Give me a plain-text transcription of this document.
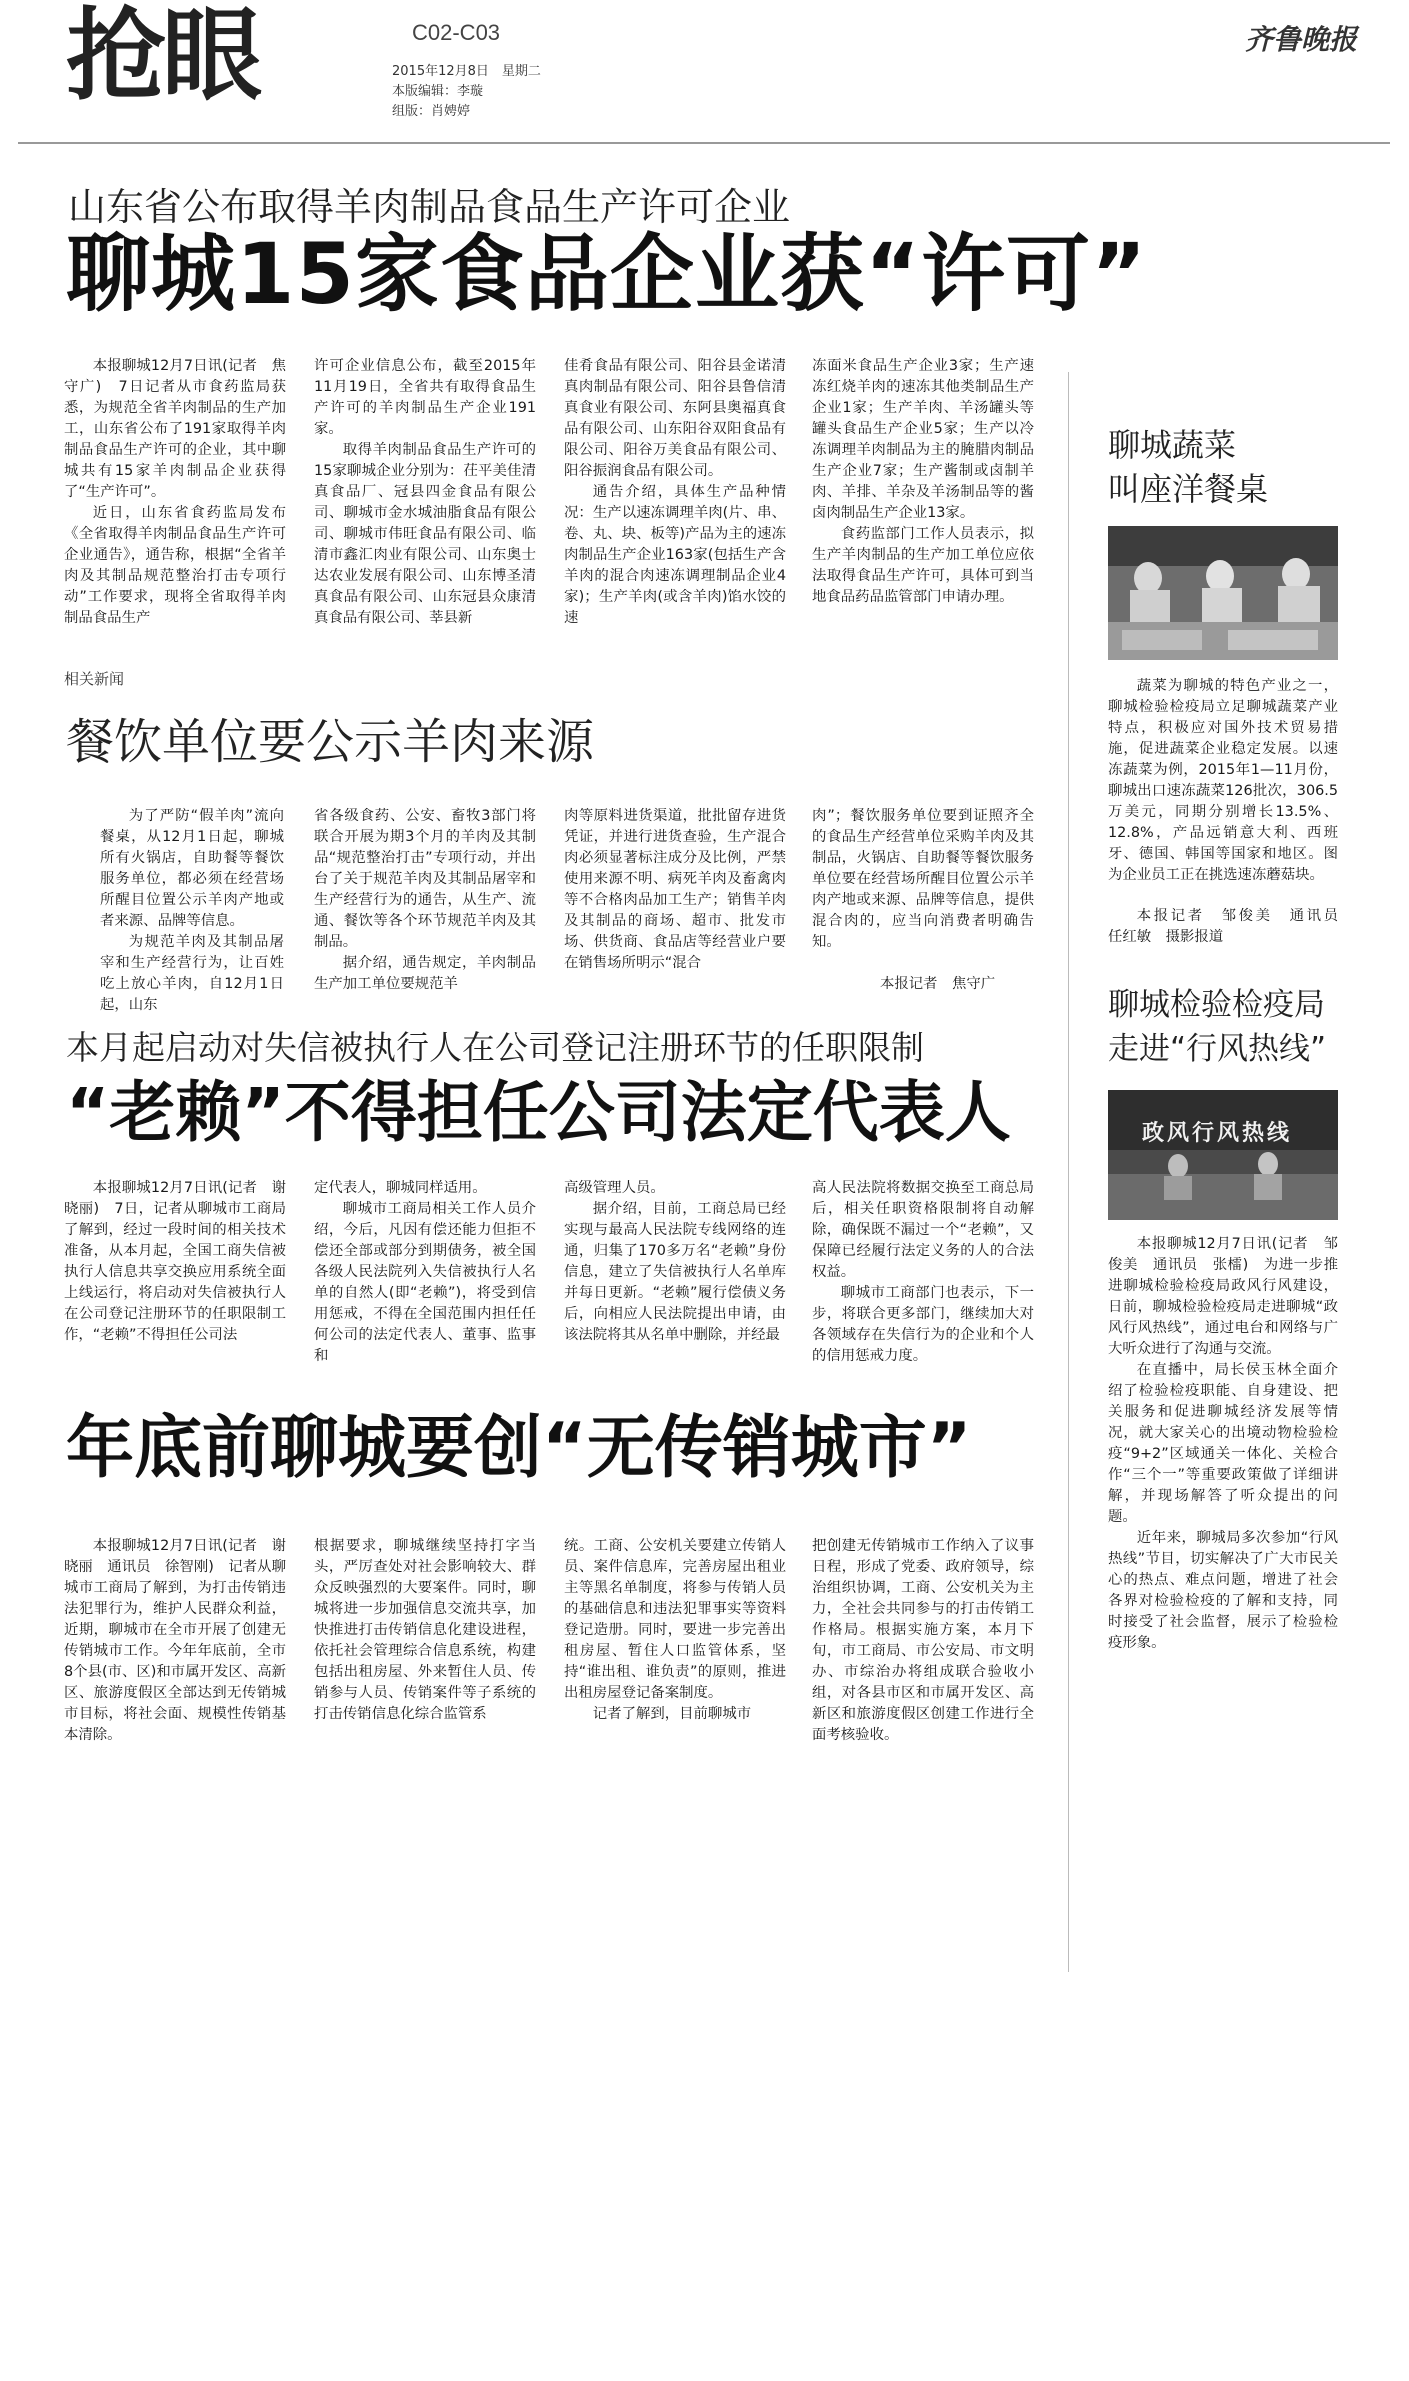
抢眼	C02-C03
2015年12月8日　星期二
本版编辑：李璇
组版：肖娉婷
齐鲁晚报
山东省公布取得羊肉制品食品生产许可企业
聊城15家食品企业获“许可”

本报聊城12月7日讯(记者　焦守广)　7日记者从市食药监局获悉，为规范全省羊肉制品的生产加工，山东省公布了191家取得羊肉制品食品生产许可的企业，其中聊城共有15家羊肉制品企业获得了“生产许可”。

近日，山东省食药监局发布《全省取得羊肉制品食品生产许可企业通告》，通告称，根据“全省羊肉及其制品规范整治打击专项行动”工作要求，现将全省取得羊肉制品食品生产

许可企业信息公布，截至2015年11月19日，全省共有取得食品生产许可的羊肉制品生产企业191家。

取得羊肉制品食品生产许可的15家聊城企业分别为：茌平美佳清真食品厂、冠县四金食品有限公司、聊城市金水城油脂食品有限公司、聊城市伟旺食品有限公司、临清市鑫汇肉业有限公司、山东奥士达农业发展有限公司、山东博圣清真食品有限公司、山东冠县众康清真食品有限公司、莘县新

佳肴食品有限公司、阳谷县金诺清真肉制品有限公司、阳谷县鲁信清真食业有限公司、东阿县奥福真食品有限公司、山东阳谷双阳食品有限公司、阳谷万美食品有限公司、阳谷振润食品有限公司。

通告介绍，具体生产品种情况：生产以速冻调理羊肉(片、串、卷、丸、块、板等)产品为主的速冻肉制品生产企业163家(包括生产含羊肉的混合肉速冻调理制品企业4家)；生产羊肉(或含羊肉)馅水饺的速

冻面米食品生产企业3家；生产速冻红烧羊肉的速冻其他类制品生产企业1家；生产羊肉、羊汤罐头等罐头食品生产企业5家；生产以冷冻调理羊肉制品为主的腌腊肉制品生产企业7家；生产酱制或卤制羊肉、羊排、羊杂及羊汤制品等的酱卤肉制品生产企业13家。

食药监部门工作人员表示，拟生产羊肉制品的生产加工单位应依法取得食品生产许可，具体可到当地食品药品监管部门申请办理。

相关新闻
餐饮单位要公示羊肉来源

为了严防“假羊肉”流向餐桌，从12月1日起，聊城所有火锅店，自助餐等餐饮服务单位，都必须在经营场所醒目位置公示羊肉产地或者来源、品牌等信息。

为规范羊肉及其制品屠宰和生产经营行为，让百姓吃上放心羊肉，自12月1日起，山东

省各级食药、公安、畜牧3部门将联合开展为期3个月的羊肉及其制品“规范整治打击”专项行动，并出台了关于规范羊肉及其制品屠宰和生产经营行为的通告，从生产、流通、餐饮等各个环节规范羊肉及其制品。

据介绍，通告规定，羊肉制品生产加工单位要规范羊

肉等原料进货渠道，批批留存进货凭证，并进行进货查验，生产混合肉必须显著标注成分及比例，严禁使用来源不明、病死羊肉及畜禽肉等不合格肉品加工生产；销售羊肉及其制品的商场、超市、批发市场、供货商、食品店等经营业户要在销售场所明示“混合

肉”；餐饮服务单位要到证照齐全的食品生产经营单位采购羊肉及其制品，火锅店、自助餐等餐饮服务单位要在经营场所醒目位置公示羊肉产地或来源、品牌等信息，提供混合肉的，应当向消费者明确告知。

本报记者　焦守广
本月起启动对失信被执行人在公司登记注册环节的任职限制
“老赖”不得担任公司法定代表人

本报聊城12月7日讯(记者　谢晓丽)　7日，记者从聊城市工商局了解到，经过一段时间的相关技术准备，从本月起，全国工商失信被执行人信息共享交换应用系统全面上线运行，将启动对失信被执行人在公司登记注册环节的任职限制工作，“老赖”不得担任公司法

定代表人，聊城同样适用。

聊城市工商局相关工作人员介绍，今后，凡因有偿还能力但拒不偿还全部或部分到期债务，被全国各级人民法院列入失信被执行人名单的自然人(即“老赖”)，将受到信用惩戒，不得在全国范围内担任任何公司的法定代表人、董事、监事和

高级管理人员。

据介绍，目前，工商总局已经实现与最高人民法院专线网络的连通，归集了170多万名“老赖”身份信息，建立了失信被执行人名单库并每日更新。“老赖”履行偿债义务后，向相应人民法院提出申请，由该法院将其从名单中删除，并经最

高人民法院将数据交换至工商总局后，相关任职资格限制将自动解除，确保既不漏过一个“老赖”，又保障已经履行法定义务的人的合法权益。

聊城市工商部门也表示，下一步，将联合更多部门，继续加大对各领域存在失信行为的企业和个人的信用惩戒力度。

年底前聊城要创“无传销城市”

本报聊城12月7日讯(记者　谢晓丽　通讯员　徐智刚)　记者从聊城市工商局了解到，为打击传销违法犯罪行为，维护人民群众利益，近期，聊城市在全市开展了创建无传销城市工作。今年年底前，全市8个县(市、区)和市属开发区、高新区、旅游度假区全部达到无传销城市目标，将社会面、规模性传销基本清除。

根据要求，聊城继续坚持打字当头，严厉查处对社会影响较大、群众反映强烈的大要案件。同时，聊城将进一步加强信息交流共享，加快推进打击传销信息化建设进程，依托社会管理综合信息系统，构建包括出租房屋、外来暂住人员、传销参与人员、传销案件等子系统的打击传销信息化综合监管系

统。工商、公安机关要建立传销人员、案件信息库，完善房屋出租业主等黑名单制度，将参与传销人员的基础信息和违法犯罪事实等资料登记造册。同时，要进一步完善出租房屋、暂住人口监管体系，坚持“谁出租、谁负责”的原则，推进出租房屋登记备案制度。

记者了解到，目前聊城市

把创建无传销城市工作纳入了议事日程，形成了党委、政府领导，综治组织协调，工商、公安机关为主力，全社会共同参与的打击传销工作格局。根据实施方案，本月下旬，市工商局、市公安局、市文明办、市综治办将组成联合验收小组，对各县市区和市属开发区、高新区和旅游度假区创建工作进行全面考核验收。

聊城蔬菜
叫座洋餐桌

蔬菜为聊城的特色产业之一，聊城检验检疫局立足聊城蔬菜产业特点，积极应对国外技术贸易措施，促进蔬菜企业稳定发展。以速冻蔬菜为例，2015年1—11月份，聊城出口速冻蔬菜126批次，306.5万美元，同期分别增长13.5%、12.8%，产品远销意大利、西班牙、德国、韩国等国家和地区。图为企业员工正在挑选速冻蘑菇块。

本报记者　邹俊美　通讯员　任红敏　摄影报道

聊城检验检疫局
走进“行风热线”
政风行风热线

本报聊城12月7日讯(记者　邹俊美　通讯员　张檑)　为进一步推进聊城检验检疫局政风行风建设，日前，聊城检验检疫局走进聊城“政风行风热线”，通过电台和网络与广大听众进行了沟通与交流。

在直播中，局长侯玉林全面介绍了检验检疫职能、自身建设、把关服务和促进聊城经济发展等情况，就大家关心的出境动物检验检疫“9+2”区域通关一体化、关检合作“三个一”等重要政策做了详细讲解，并现场解答了听众提出的问题。

近年来，聊城局多次参加“行风热线”节目，切实解决了广大市民关心的热点、难点问题，增进了社会各界对检验检疫的了解和支持，同时接受了社会监督，展示了检验检疫形象。
